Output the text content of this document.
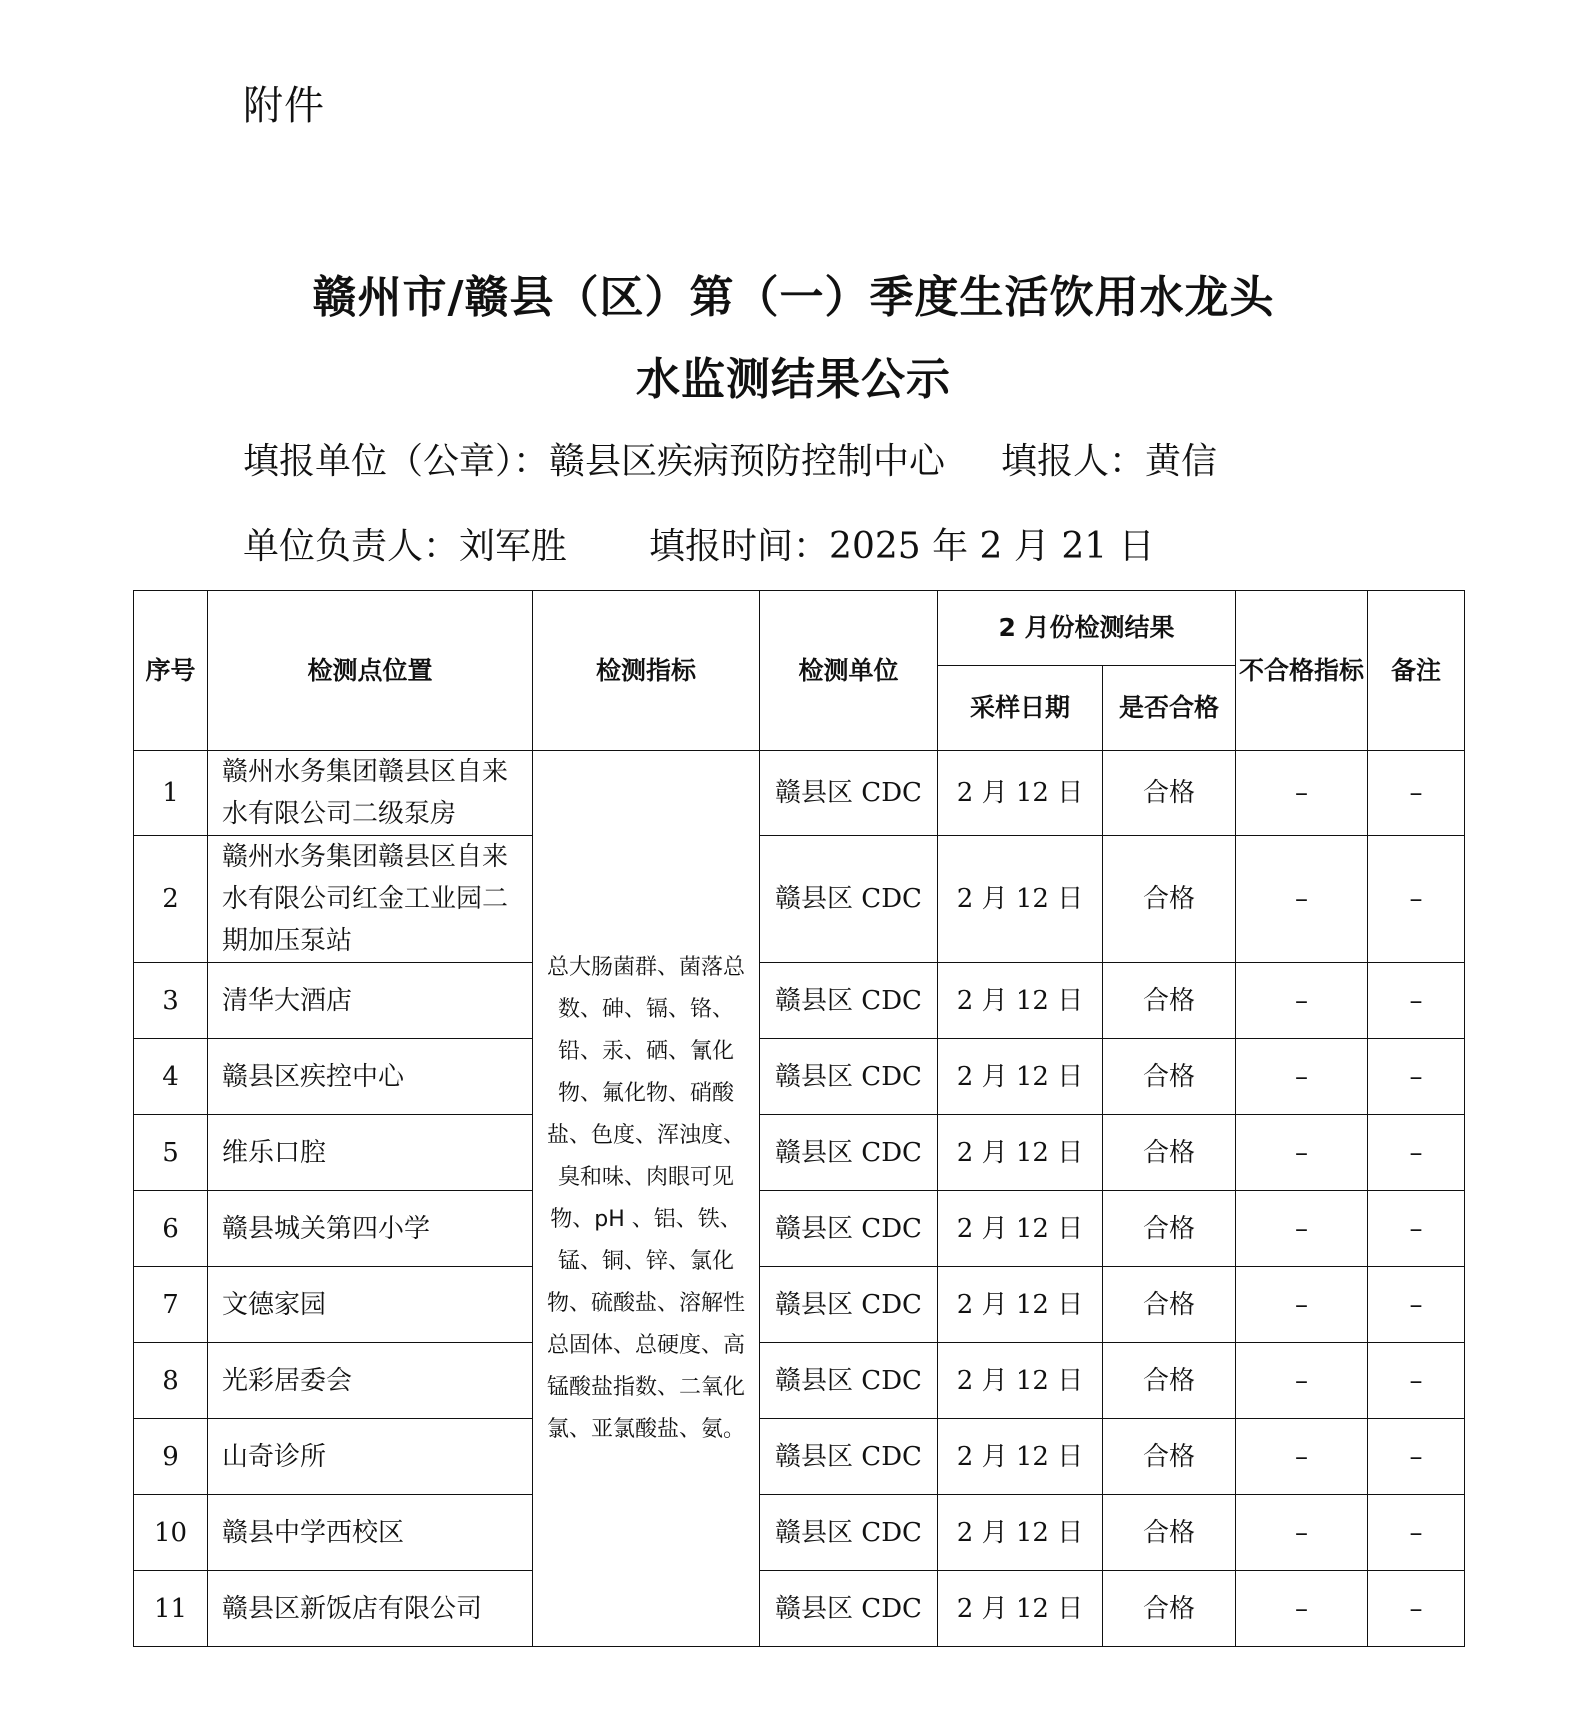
附件
赣州市/赣县（区）第（一）季度生活饮用水龙头
水监测结果公示
填报单位（公章）：赣县区疾病预防控制中心 填报人：黄信
单位负责人：刘军胜 填报时间：2025 年 2 月 21 日
序号	检测点位置	检测指标	检测单位	2 月份检测结果		不合格指标	备注
				采样日期	是否合格		
1	赣州水务集团赣县区自来水有限公司二级泵房	总大肠菌群、菌落总数、砷、镉、铬、铅、汞、硒、氰化物、氟化物、硝酸盐、色度、浑浊度、臭和味、肉眼可见物、pH 、铝、铁、锰、铜、锌、氯化物、硫酸盐、溶解性总固体、总硬度、高锰酸盐指数、二氧化氯、亚氯酸盐、氨。	赣县区 CDC	2 月 12 日	合格	–	–
2	赣州水务集团赣县区自来水有限公司红金工业园二期加压泵站		赣县区 CDC	2 月 12 日	合格	–	–
3	清华大酒店		赣县区 CDC	2 月 12 日	合格	–	–
4	赣县区疾控中心		赣县区 CDC	2 月 12 日	合格	–	–
5	维乐口腔		赣县区 CDC	2 月 12 日	合格	–	–
6	赣县城关第四小学		赣县区 CDC	2 月 12 日	合格	–	–
7	文德家园		赣县区 CDC	2 月 12 日	合格	–	–
8	光彩居委会		赣县区 CDC	2 月 12 日	合格	–	–
9	山奇诊所		赣县区 CDC	2 月 12 日	合格	–	–
10	赣县中学西校区		赣县区 CDC	2 月 12 日	合格	–	–
11	赣县区新饭店有限公司		赣县区 CDC	2 月 12 日	合格	–	–
